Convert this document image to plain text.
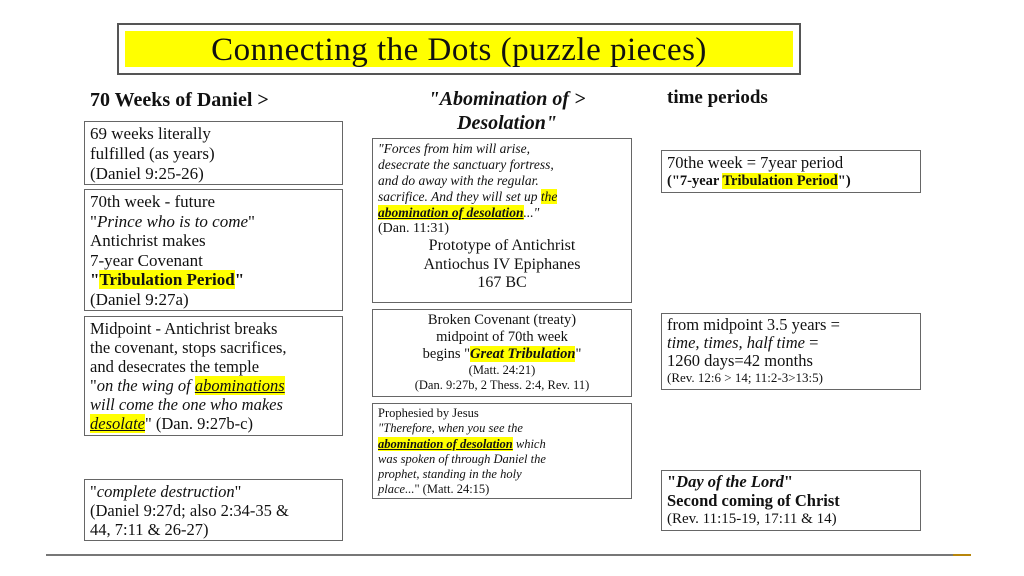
Connecting the Dots (puzzle pieces)
70 Weeks of Daniel >	"Abomination of >
Desolation"
time periods
69 weeks literally
fulfilled (as years)
(Daniel 9:25-26)
70th week - future
"Prince who is to come"
Antichrist makes
7-year Covenant
"Tribulation Period"
(Daniel 9:27a)
Midpoint - Antichrist breaks
the covenant, stops sacrifices,
and desecrates the temple
"on the wing of abominations
will come the one who makes
desolate" (Dan. 9:27b-c)
"complete destruction"
(Daniel 9:27d; also 2:34-35 &
44, 7:11 & 26-27)
"Forces from him will arise,
desecrate the sanctuary fortress,
and do away with the regular.
sacrifice. And they will set up the
abomination of desolation..."
(Dan. 11:31)
Prototype of Antichrist
Antiochus IV Epiphanes
167 BC
Broken Covenant (treaty)
midpoint of 70th week
begins "Great Tribulation"
(Matt. 24:21)
(Dan. 9:27b, 2 Thess. 2:4, Rev. 11)
Prophesied by Jesus
"Therefore, when you see the
abomination of desolation which
was spoken of through Daniel the
prophet, standing in the holy
place..." (Matt. 24:15)
70the week = 7year period
("7-year Tribulation Period")
from midpoint 3.5 years =
time, times, half time =
1260 days=42 months
(Rev. 12:6 > 14; 11:2-3>13:5)
"Day of the Lord"
Second coming of Christ
(Rev. 11:15-19, 17:11 & 14)
